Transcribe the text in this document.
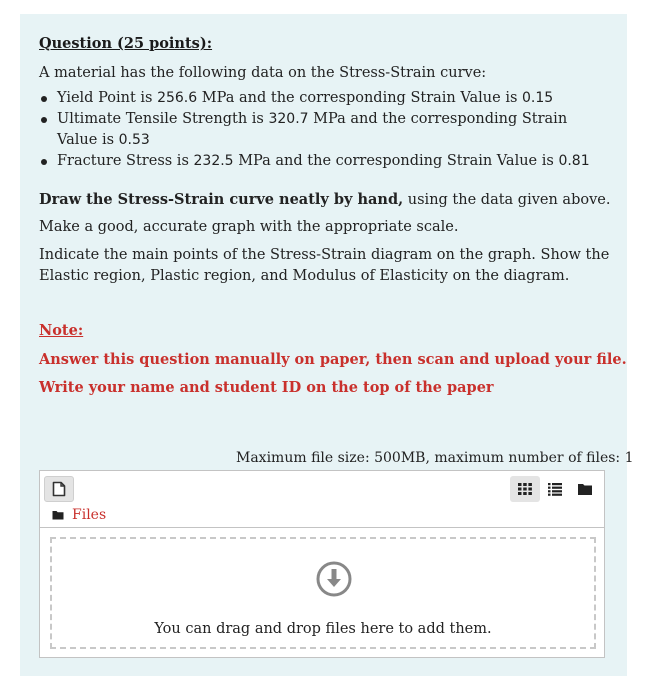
Question (25 points):
A material has the following data on the Stress-Strain curve:
Yield Point is 256.6 MPa and the corresponding Strain Value is 0.15
Ultimate Tensile Strength is 320.7 MPa and the corresponding Strain Value is 0.53
Fracture Stress is 232.5 MPa and the corresponding Strain Value is 0.81
Draw the Stress-Strain curve neatly by hand, using the data given above.
Make a good, accurate graph with the appropriate scale.
Indicate the main points of the Stress-Strain diagram on the graph. Show the Elastic region, Plastic region, and Modulus of Elasticity on the diagram.
Note:
Answer this question manually on paper, then scan and upload your file.
Write your name and student ID on the top of the paper
Maximum file size: 500MB, maximum number of files: 1
Files
You can drag and drop files here to add them.
